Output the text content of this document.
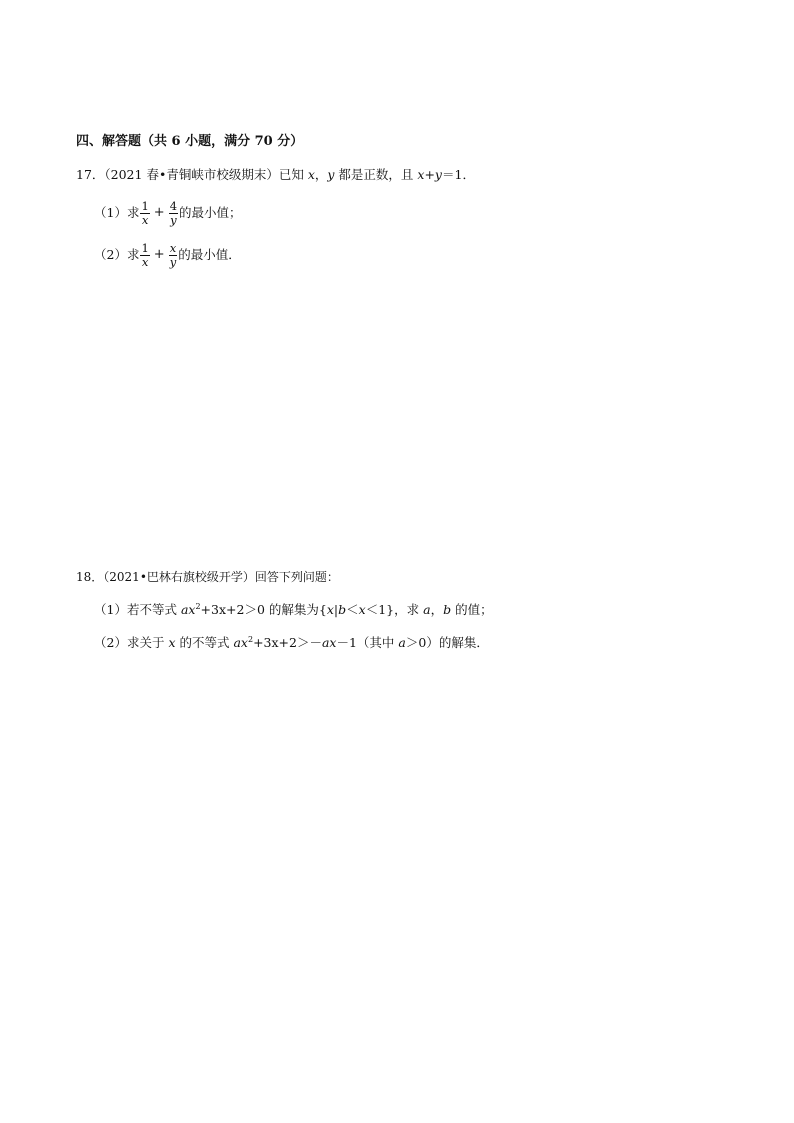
四、解答题（共 6 小题，满分 70 分）
17．（2021 春•青铜峡市校级期末）已知 x，y 都是正数，且 x+y＝1．
（1）求 $\frac{1}{x} + \frac{4}{y}$ 的最小值；
（2）求 $\frac{1}{x} + \frac{x}{y}$ 的最小值．
18．（2021•巴林右旗校级开学）回答下列问题：
（1）若不等式 $ax^2+3x+2>0$ 的解集为{x|b＜x＜1}，求 a，b 的值；
（2）求关于 x 的不等式 $ax^2+3x+2>-ax-1$（其中 a＞0）的解集．
